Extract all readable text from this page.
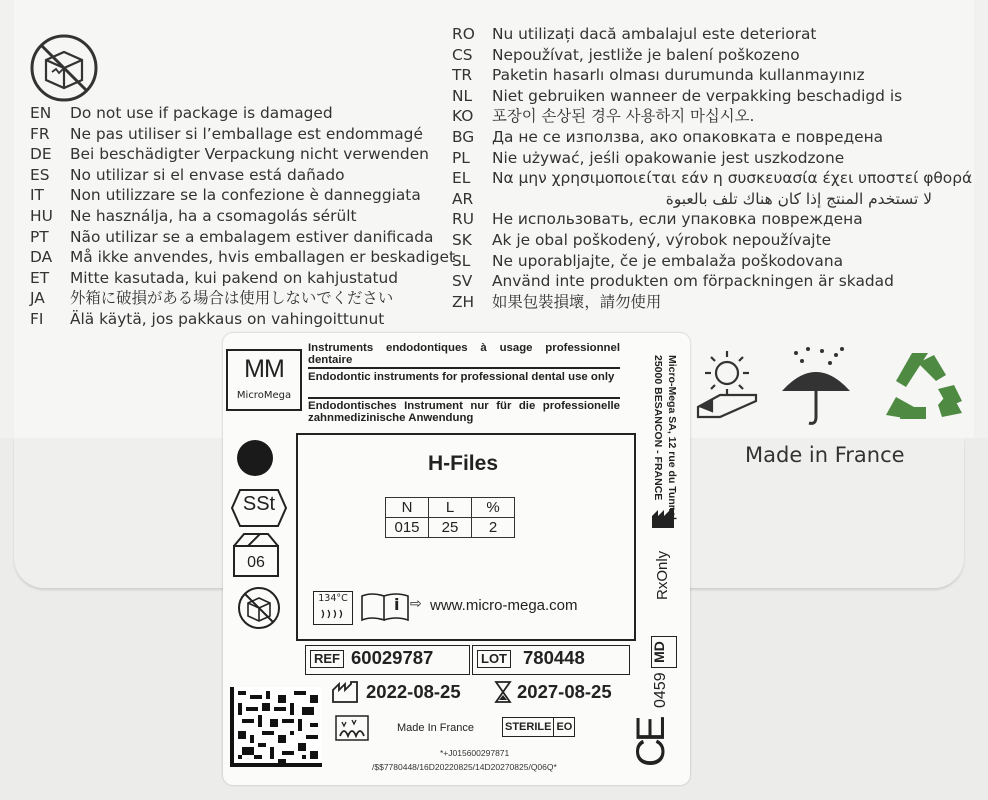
EN Do not use if package is damaged
FR Ne pas utiliser si l’emballage est endommagé
DE Bei beschädigter Verpackung nicht verwenden
ES No utilizar si el envase está dañado
IT Non utilizzare se la confezione è danneggiata
HU Ne használja, ha a csomagolás sérült
PT Não utilizar se a embalagem estiver danificada
DA Må ikke anvendes, hvis emballagen er beskadiget
ET Mitte kasutada, kui pakend on kahjustatud
JA 外箱に破損がある場合は使用しないでください
FI Älä käytä, jos pakkaus on vahingoittunut
RO Nu utilizați dacă ambalajul este deteriorat
CS Nepoužívat, jestliže je balení poškozeno
TR Paketin hasarlı olması durumunda kullanmayınız
NL Niet gebruiken wanneer de verpakking beschadigd is
KO 포장이 손상된 경우 사용하지 마십시오.
BG Да не се използва, ако опаковката е повредена
PL Nie używać, jeśli opakowanie jest uszkodzone
EL Να μην χρησιμοποιείται εάν η συσκευασία έχει υποστεί φθορά
AR	لا تستخدم المنتج إذا كان هناك تلف بالعبوة
RU Не использовать, если упаковка повреждена
SK Ak je obal poškodený, výrobok nepoužívajte
SL Ne uporabljajte, če je embalaža poškodovana
SV Använd inte produkten om förpackningen är skadad
ZH 如果包裝損壞，請勿使用
Made in France
MM
MicroMega
Instruments endodontiques à usage professionnel dentaire
Endodontic instruments for professional dental use only
Endodontisches Instrument nur für die professionelle zahnmedizinische Anwendung
SSt
06
H-Files
N	L	%
015	25	2
134°C	i ⇨ www.micro-mega.com
REF 60029787	LOT 780448
2022-08-25	2027-08-25
Made In France	STERILE EO
*+J015600297871
/$$7780448/16D20220825/14D20270825/Q06Q*
Micro-Mega SA, 12 rue du Tunnel
25000 BESANCON - FRANCE
RxOnly
MD
0459
CE
